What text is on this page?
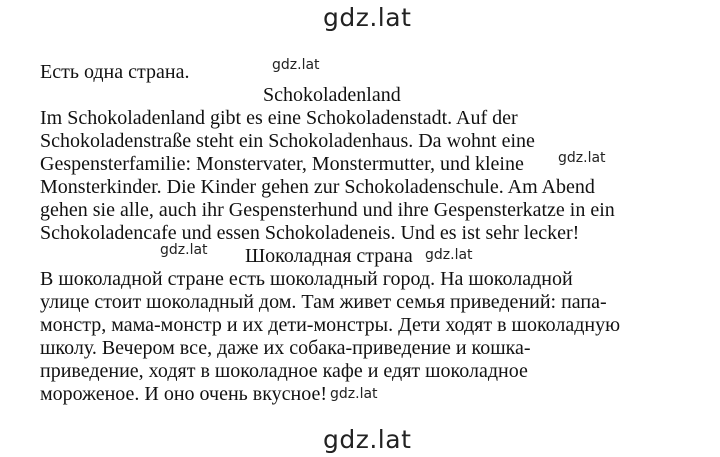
gdz.lat
gdz.lat
gdz.lat
gdz.lat	gdz.lat
gdz.lat
gdz.lat
Есть одна страна.
Schokoladenland
Im Schokoladenland gibt es eine Schokoladenstadt. Auf der
Schokoladenstraße steht ein Schokoladenhaus. Da wohnt eine
Gespensterfamilie: Monstervater, Monstermutter, und kleine
Monsterkinder. Die Kinder gehen zur Schokoladenschule. Am Abend
gehen sie alle, auch ihr Gespensterhund und ihre Gespensterkatze in ein
Schokoladencafe und essen Schokoladeneis. Und es ist sehr lecker!
Шоколадная страна
В шоколадной стране есть шоколадный город. На шоколадной
улице стоит шоколадный дом. Там живет семья приведений: папа-
монстр, мама-монстр и их дети-монстры. Дети ходят в шоколадную
школу. Вечером все, даже их собака-приведение и кошка-
приведение, ходят в шоколадное кафе и едят шоколадное
мороженое. И оно очень вкусное!
